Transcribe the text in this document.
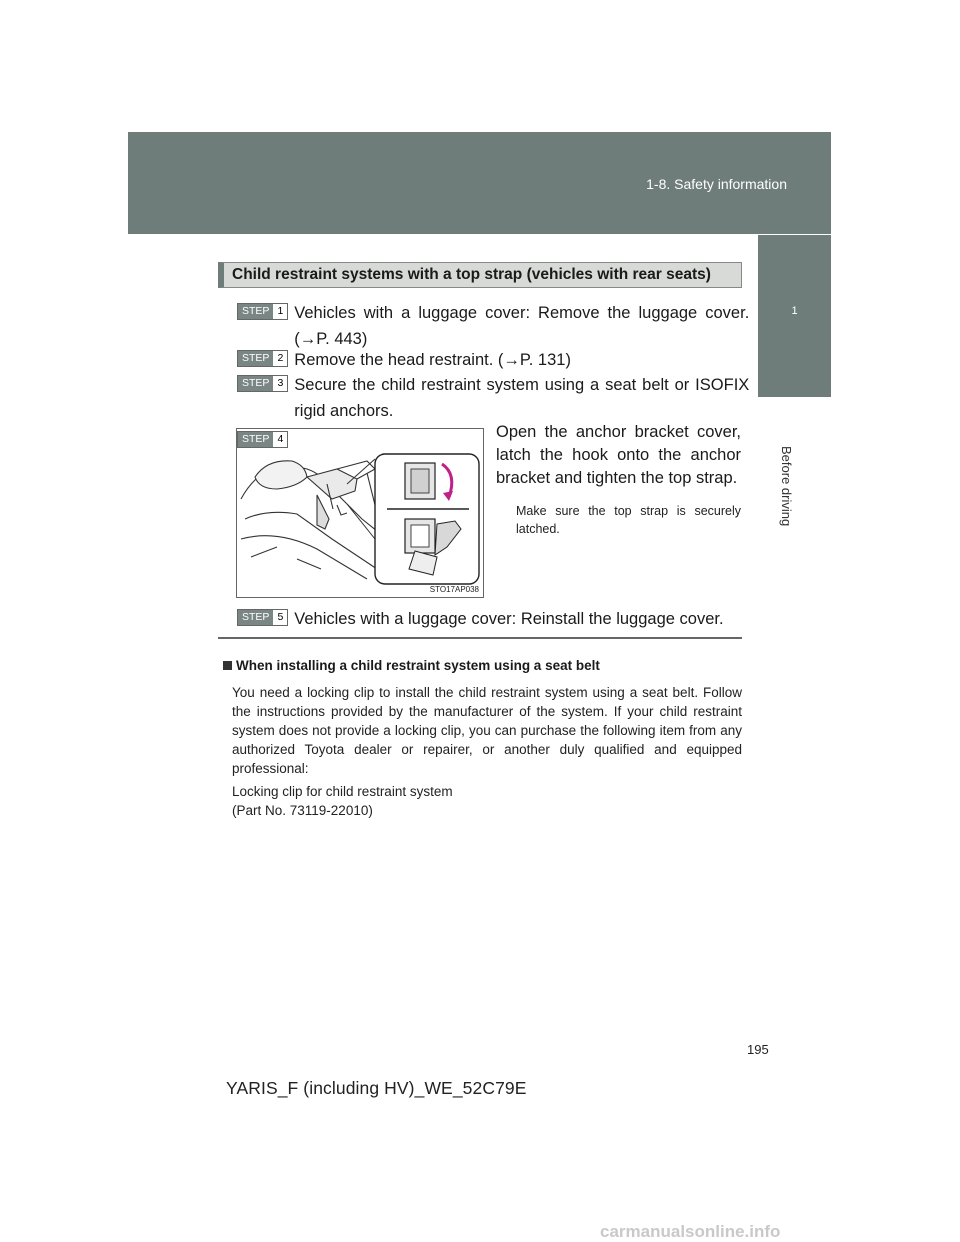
1-8. Safety information
1
Before driving
Child restraint systems with a top strap (vehicles with rear seats)
STEP 1 Vehicles with a luggage cover: Remove the luggage cover. (→P. 443)
STEP 2 Remove the head restraint. (→P. 131)
STEP 3 Secure the child restraint system using a seat belt or ISOFIX rigid anchors.
STO17AP038
STEP 4	Open the anchor bracket cover, latch the hook onto the anchor bracket and tighten the top strap.
Make sure the top strap is securely latched.
STEP 5 Vehicles with a luggage cover: Reinstall the luggage cover.
When installing a child restraint system using a seat belt
You need a locking clip to install the child restraint system using a seat belt. Follow the instructions provided by the manufacturer of the system. If your child restraint system does not provide a locking clip, you can purchase the following item from any authorized Toyota dealer or repairer, or another duly qualified and equipped professional:
Locking clip for child restraint system
(Part No. 73119-22010)
195
YARIS_F (including HV)_WE_52C79E
carmanualsonline.info
